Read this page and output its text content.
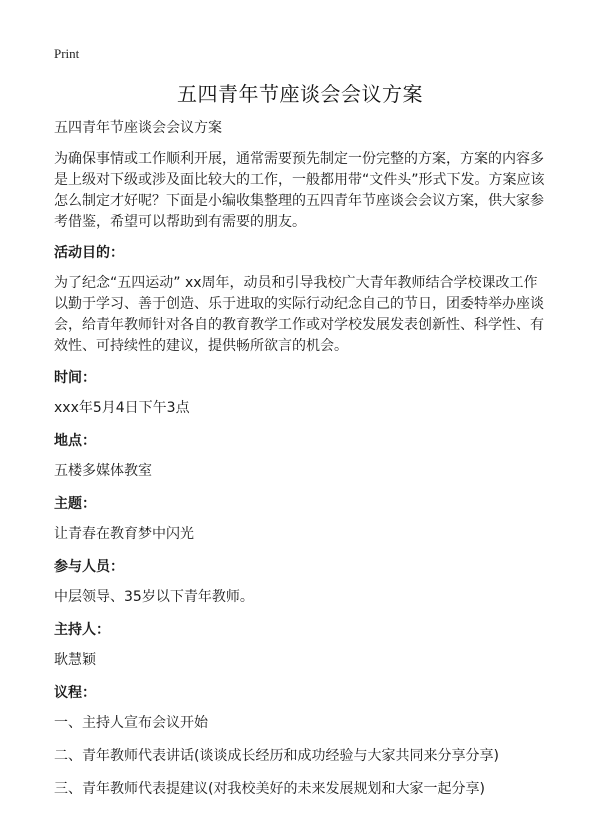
Print
五四青年节座谈会会议方案

五四青年节座谈会会议方案

为确保事情或工作顺利开展，通常需要预先制定一份完整的方案，方案的内容多是上级对下级或涉及面比较大的工作，一般都用带“文件头”形式下发。方案应该怎么制定才好呢？下面是小编收集整理的五四青年节座谈会会议方案，供大家参考借鉴，希望可以帮助到有需要的朋友。

活动目的：

为了纪念“五四运动” xx周年，动员和引导我校广大青年教师结合学校课改工作以勤于学习、善于创造、乐于进取的实际行动纪念自己的节日，团委特举办座谈会，给青年教师针对各自的教育教学工作或对学校发展发表创新性、科学性、有效性、可持续性的建议，提供畅所欲言的机会。

时间：

xxx年5月4日下午3点

地点：

五楼多媒体教室

主题：

让青春在教育梦中闪光

参与人员：

中层领导、35岁以下青年教师。

主持人：

耿慧颖

议程：

一、主持人宣布会议开始

二、青年教师代表讲话(谈谈成长经历和成功经验与大家共同来分享分享)

三、青年教师代表提建议(对我校美好的未来发展规划和大家一起分享)
